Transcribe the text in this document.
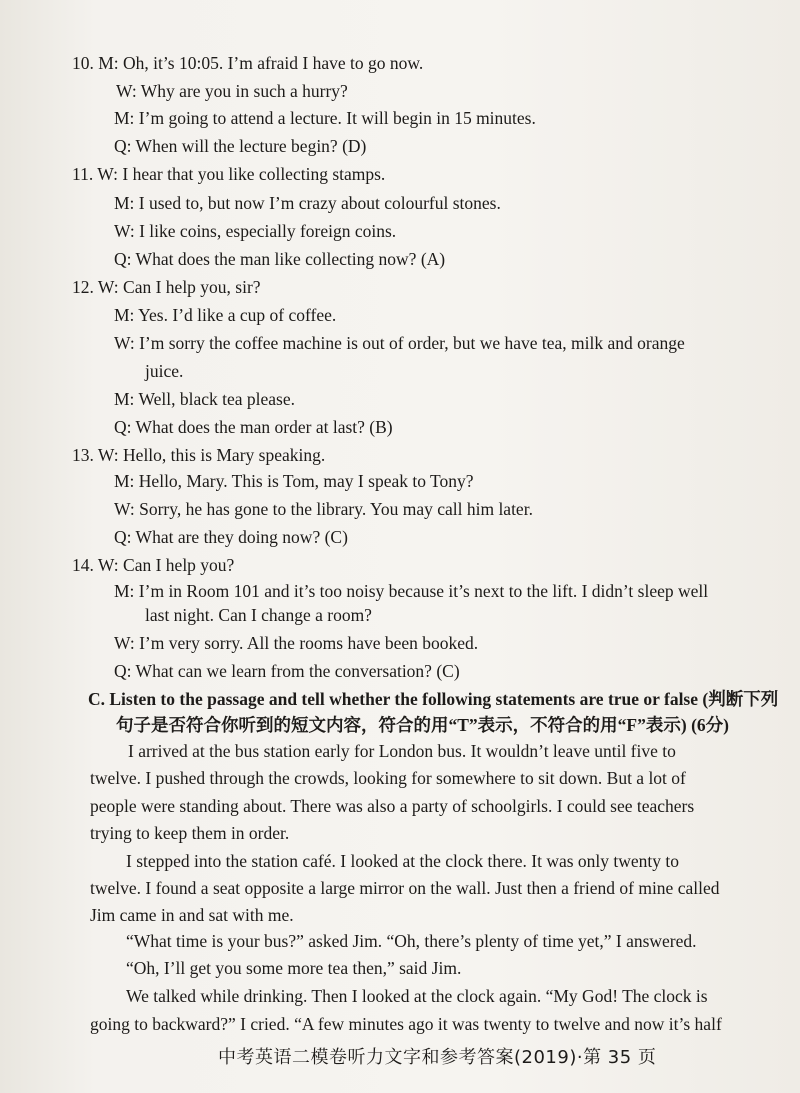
10. M: Oh, it’s 10:05. I’m afraid I have to go now.
W: Why are you in such a hurry?
M: I’m going to attend a lecture. It will begin in 15 minutes.
Q: When will the lecture begin? (D)
11. W: I hear that you like collecting stamps.
M: I used to, but now I’m crazy about colourful stones.
W: I like coins, especially foreign coins.
Q: What does the man like collecting now? (A)
12. W: Can I help you, sir?
M: Yes. I’d like a cup of coffee.
W: I’m sorry the coffee machine is out of order, but we have tea, milk and orange
juice.
M: Well, black tea please.
Q: What does the man order at last? (B)
13. W: Hello, this is Mary speaking.
M: Hello, Mary. This is Tom, may I speak to Tony?
W: Sorry, he has gone to the library. You may call him later.
Q: What are they doing now? (C)
14. W: Can I help you?
M: I’m in Room 101 and it’s too noisy because it’s next to the lift. I didn’t sleep well
last night. Can I change a room?
W: I’m very sorry. All the rooms have been booked.
Q: What can we learn from the conversation? (C)
C. Listen to the passage and tell whether the following statements are true or false (判断下列
句子是否符合你听到的短文内容，符合的用“T”表示，不符合的用“F”表示) (6分)
I arrived at the bus station early for London bus. It wouldn’t leave until five to
twelve. I pushed through the crowds, looking for somewhere to sit down. But a lot of
people were standing about. There was also a party of schoolgirls. I could see teachers
trying to keep them in order.
I stepped into the station café. I looked at the clock there. It was only twenty to
twelve. I found a seat opposite a large mirror on the wall. Just then a friend of mine called
Jim came in and sat with me.
“What time is your bus?” asked Jim. “Oh, there’s plenty of time yet,” I answered.
“Oh, I’ll get you some more tea then,” said Jim.
We talked while drinking. Then I looked at the clock again. “My God! The clock is
going to backward?” I cried. “A few minutes ago it was twenty to twelve and now it’s half
中考英语二模卷听力文字和参考答案(2019)·第 35 页
